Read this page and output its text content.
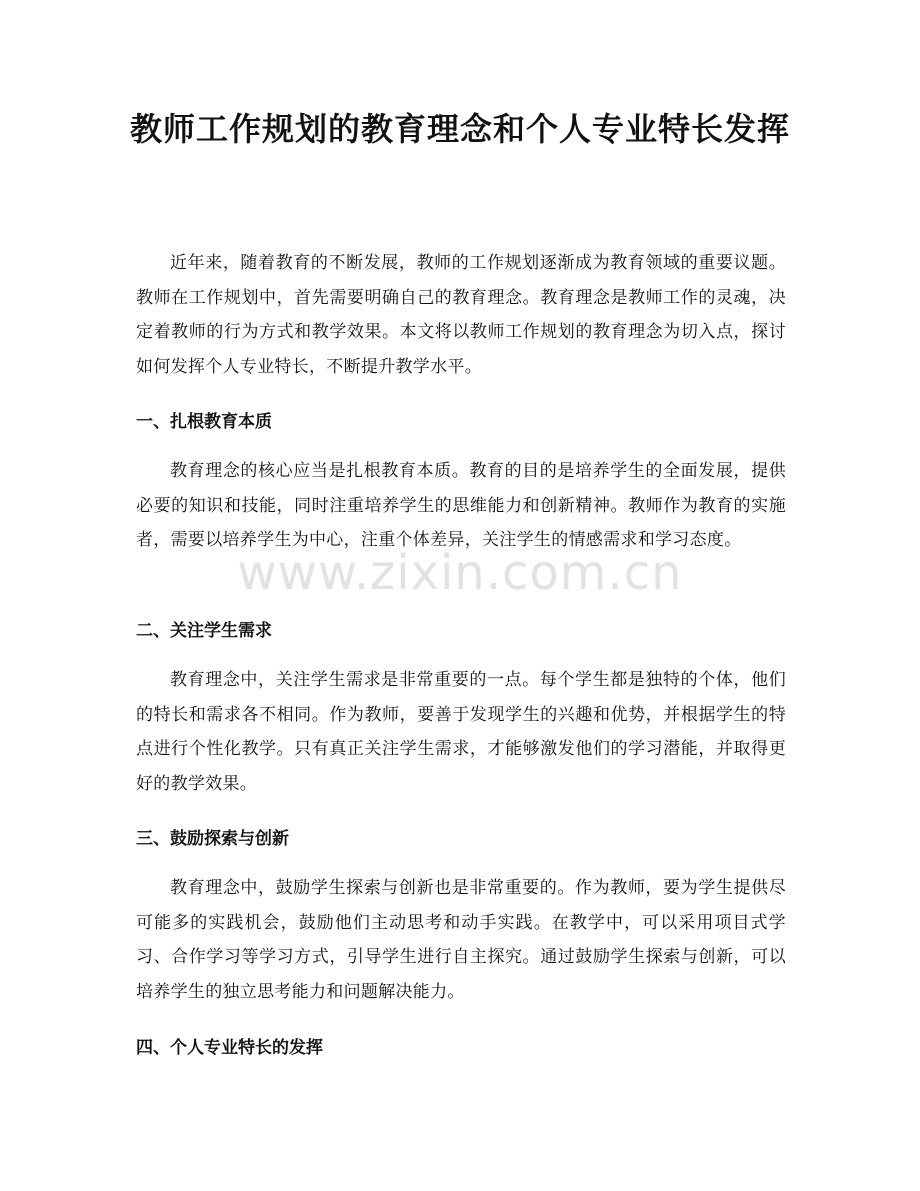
教师工作规划的教育理念和个人专业特长发挥

近年来，随着教育的不断发展，教师的工作规划逐渐成为教育领域的重要议题。教师在工作规划中，首先需要明确自己的教育理念。教育理念是教师工作的灵魂，决定着教师的行为方式和教学效果。本文将以教师工作规划的教育理念为切入点，探讨如何发挥个人专业特长，不断提升教学水平。

一、扎根教育本质

教育理念的核心应当是扎根教育本质。教育的目的是培养学生的全面发展，提供必要的知识和技能，同时注重培养学生的思维能力和创新精神。教师作为教育的实施者，需要以培养学生为中心，注重个体差异，关注学生的情感需求和学习态度。

二、关注学生需求

教育理念中，关注学生需求是非常重要的一点。每个学生都是独特的个体，他们的特长和需求各不相同。作为教师，要善于发现学生的兴趣和优势，并根据学生的特点进行个性化教学。只有真正关注学生需求，才能够激发他们的学习潜能，并取得更好的教学效果。

三、鼓励探索与创新

教育理念中，鼓励学生探索与创新也是非常重要的。作为教师，要为学生提供尽可能多的实践机会，鼓励他们主动思考和动手实践。在教学中，可以采用项目式学习、合作学习等学习方式，引导学生进行自主探究。通过鼓励学生探索与创新，可以培养学生的独立思考能力和问题解决能力。

四、个人专业特长的发挥
www.zixin.com.cn
